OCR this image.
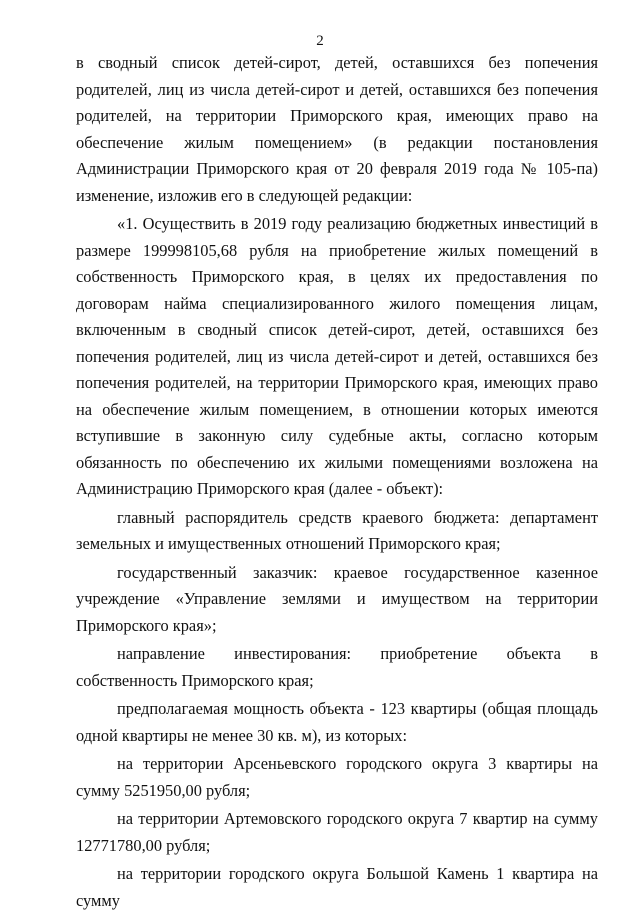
2

в сводный список детей-сирот, детей, оставшихся без попечения родителей, лиц из числа детей-сирот и детей, оставшихся без попечения родителей, на территории Приморского края, имеющих право на обеспечение жилым помещением» (в редакции постановления Администрации Приморского края от 20 февраля 2019 года № 105-па) изменение, изложив его в следующей редакции:

«1. Осуществить в 2019 году реализацию бюджетных инвестиций в размере 199998105,68 рубля на приобретение жилых помещений в собственность Приморского края, в целях их предоставления по договорам найма специализированного жилого помещения лицам, включенным в сводный список детей-сирот, детей, оставшихся без попечения родителей, лиц из числа детей-сирот и детей, оставшихся без попечения родителей, на территории Приморского края, имеющих право на обеспечение жилым помещением, в отношении которых имеются вступившие в законную силу судебные акты, согласно которым обязанность по обеспечению их жилыми помещениями возложена на Администрацию Приморского края (далее - объект):

главный распорядитель средств краевого бюджета: департамент земельных и имущественных отношений Приморского края;

государственный заказчик: краевое государственное казенное учреждение «Управление землями и имуществом на территории Приморского края»;

направление инвестирования: приобретение объекта в собственность Приморского края;

предполагаемая мощность объекта - 123 квартиры (общая площадь одной квартиры не менее 30 кв. м), из которых:

на территории Арсеньевского городского округа 3 квартиры на сумму 5251950,00 рубля;

на территории Артемовского городского округа 7 квартир на сумму 12771780,00 рубля;

на территории городского округа Большой Камень 1 квартира на сумму
